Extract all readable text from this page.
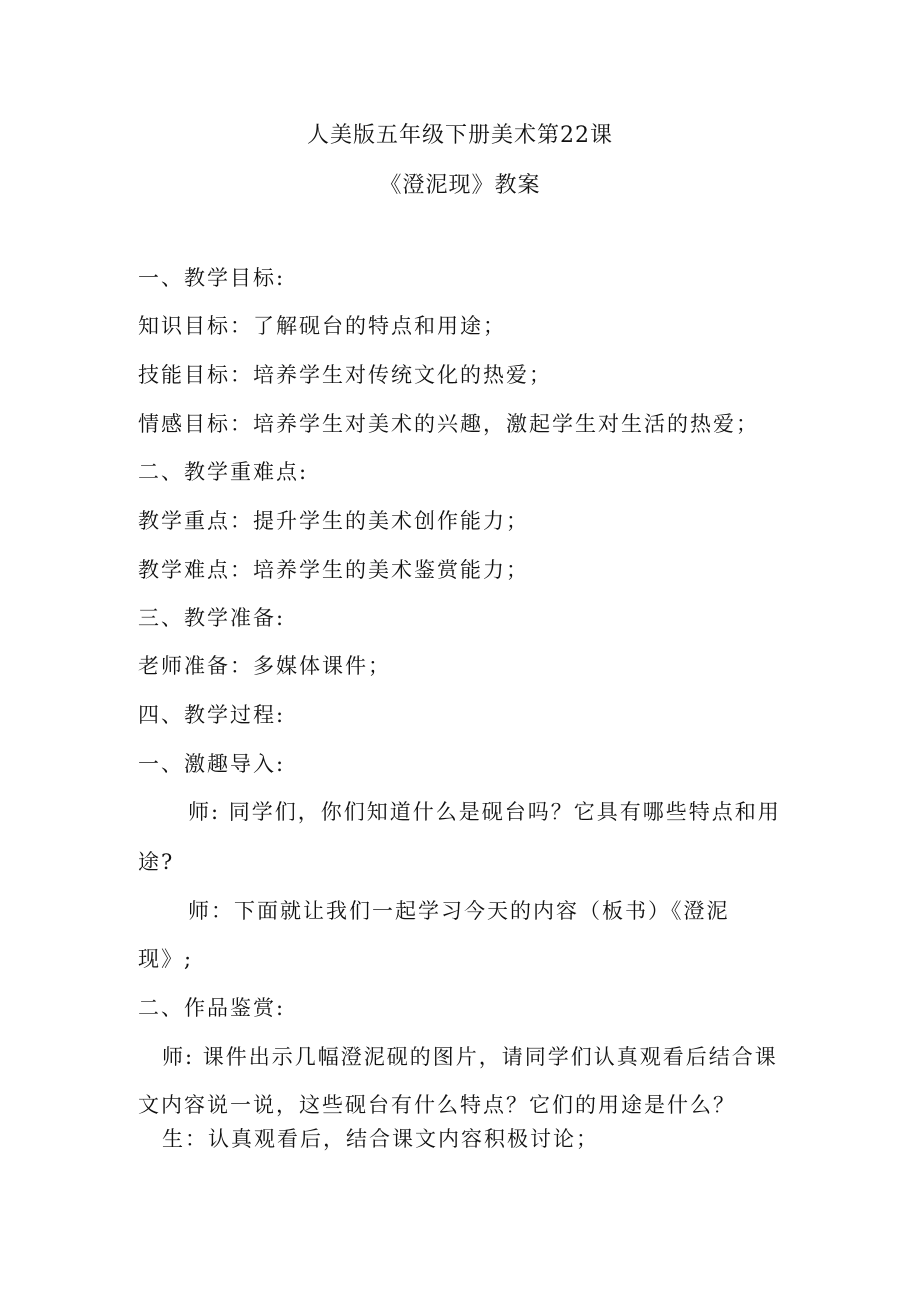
人美版五年级下册美术第22课
《澄泥现》教案
一、教学目标:
知识目标：了解砚台的特点和用途；
技能目标：培养学生对传统文化的热爱；
情感目标：培养学生对美术的兴趣，激起学生对生活的热爱；
二、教学重难点:
教学重点：提升学生的美术创作能力；
教学难点：培养学生的美术鉴赏能力；
三、教学准备:
老师准备：多媒体课件；
四、教学过程:
一、激趣导入:
师: 同学们，你们知道什么是砚台吗？它具有哪些特点和用
途?
师：下面就让我们一起学习今天的内容（板书）《澄泥
现》;
二、作品鉴赏:
师: 课件出示几幅澄泥砚的图片，请同学们认真观看后结合课
文内容说一说，这些砚台有什么特点？它们的用途是什么？
生：认真观看后，结合课文内容积极讨论；
